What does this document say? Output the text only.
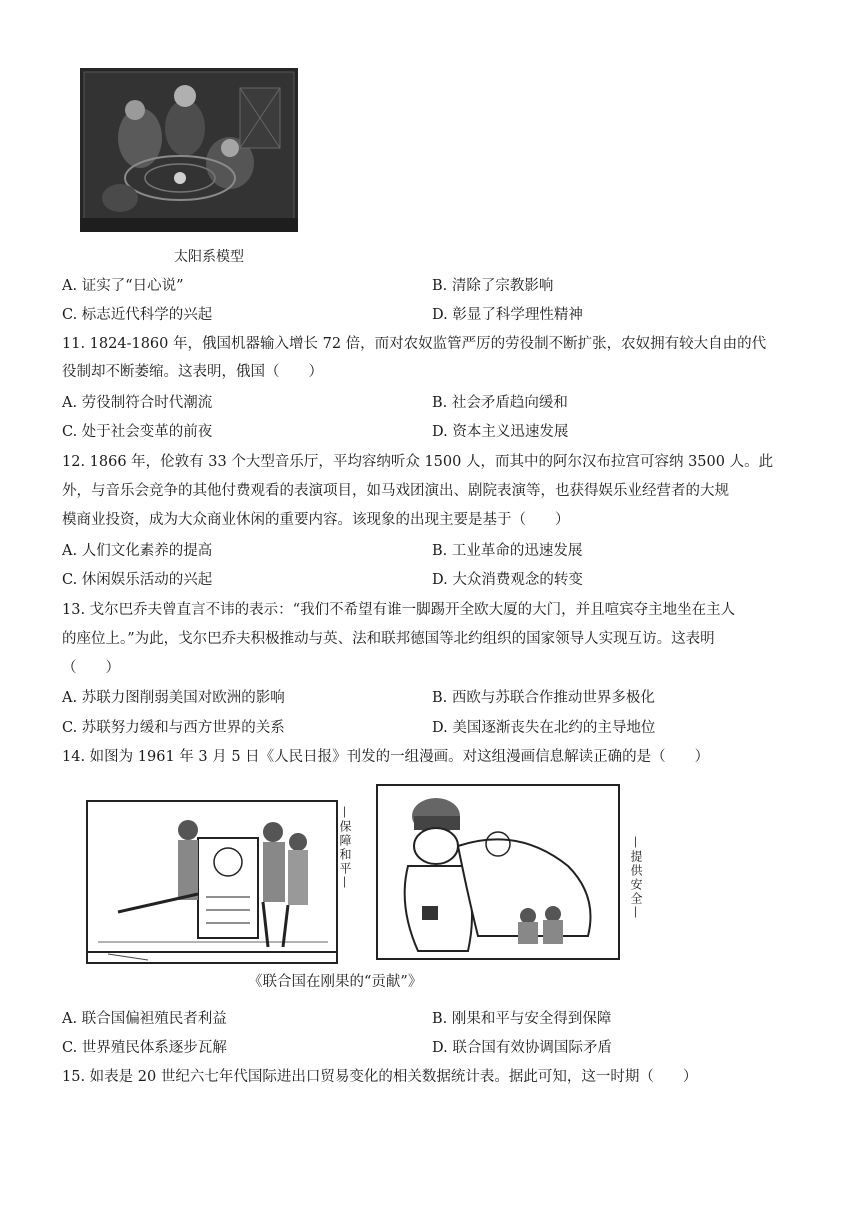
太阳系模型
A. 证实了“日心说”	B. 清除了宗教影响
C. 标志近代科学的兴起	D. 彰显了科学理性精神
11. 1824-1860 年，俄国机器输入增长 72 倍，而对农奴监管严厉的劳役制不断扩张，农奴拥有较大自由的代
役制却不断萎缩。这表明，俄国（　　）
A. 劳役制符合时代潮流	B. 社会矛盾趋向缓和
C. 处于社会变革的前夜	D. 资本主义迅速发展
12. 1866 年，伦敦有 33 个大型音乐厅，平均容纳听众 1500 人，而其中的阿尔汉布拉宫可容纳 3500 人。此
外，与音乐会竞争的其他付费观看的表演项目，如马戏团演出、剧院表演等，也获得娱乐业经营者的大规
模商业投资，成为大众商业休闲的重要内容。该现象的出现主要是基于（　　）
A. 人们文化素养的提高	B. 工业革命的迅速发展
C. 休闲娱乐活动的兴起	D. 大众消费观念的转变
13. 戈尔巴乔夫曾直言不讳的表示：“我们不希望有谁一脚踢开全欧大厦的大门，并且喧宾夺主地坐在主人
的座位上。”为此，戈尔巴乔夫积极推动与英、法和联邦德国等北约组织的国家领导人实现互访。这表明
（　　）
A. 苏联力图削弱美国对欧洲的影响	B. 西欧与苏联合作推动世界多极化
C. 苏联努力缓和与西方世界的关系	D. 美国逐渐丧失在北约的主导地位
14. 如图为 1961 年 3 月 5 日《人民日报》刊发的一组漫画。对这组漫画信息解读正确的是（　　）
—保障和平—	—提供安全—
《联合国在刚果的“贡献”》
A. 联合国偏袒殖民者利益	B. 刚果和平与安全得到保障
C. 世界殖民体系逐步瓦解	D. 联合国有效协调国际矛盾
15. 如表是 20 世纪六七年代国际进出口贸易变化的相关数据统计表。据此可知，这一时期（　　）
